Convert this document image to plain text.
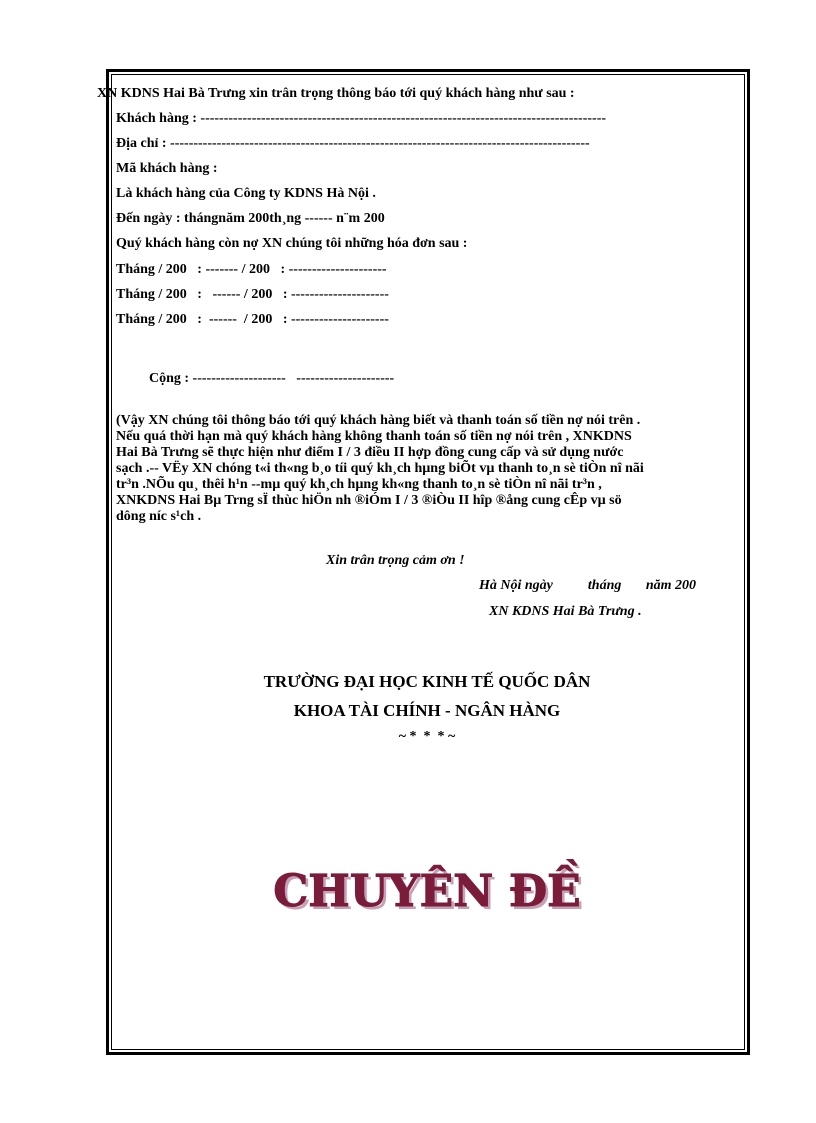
XN KDNS Hai Bà Trưng xin trân trọng thông báo tới quý khách hàng như sau :
Khách hàng : ---------------------------------------------------------------------------------------
Địa chỉ : ------------------------------------------------------------------------------------------
Mã khách hàng :
Là khách hàng của Công ty KDNS Hà Nội .
Đến ngày : thángnăm 200th¸ng ------ n¨m 200
Quý khách hàng còn nợ XN chúng tôi những hóa đơn sau :
Tháng / 200   : ------- / 200   : ---------------------
Tháng / 200   :   ------ / 200   : ---------------------
Tháng / 200   :  ------  / 200   : ---------------------
Cộng : --------------------   ---------------------
(Vậy XN chúng tôi thông báo tới quý khách hàng biết và thanh toán số tiền nợ nói trên .
Nếu quá thời hạn mà quý khách hàng không thanh toán số tiền nợ nói trên , XNKDNS
Hai Bà Trưng sẽ thực hiện như điểm I / 3 điều II hợp đồng cung cấp và sử dụng nước
sạch .-- VËy XN chóng t«i th«ng b¸o tíi quý kh¸ch hµng biÕt vµ thanh to¸n sè tiÒn nî nãi
tr³n .NÕu qu¸ thêi h¹n --mµ quý kh¸ch hµng kh«ng thanh to¸n sè tiÒn nî nãi tr³n ,
XNKDNS Hai Bµ Trng sÏ thùc hiÖn nh ®iÓm I / 3 ®iÒu II hîp ®ång cung cÊp vµ sö
dông níc s¹ch .
Xin trân trọng cảm ơn !
Hà Nội ngày          tháng       năm 200
XN KDNS Hai Bà Trưng .
TRƯỜNG ĐẠI HỌC KINH TẾ QUỐC DÂN
KHOA TÀI CHÍNH - NGÂN HÀNG
~ *  *  * ~
CHUYÊN ĐỀ
